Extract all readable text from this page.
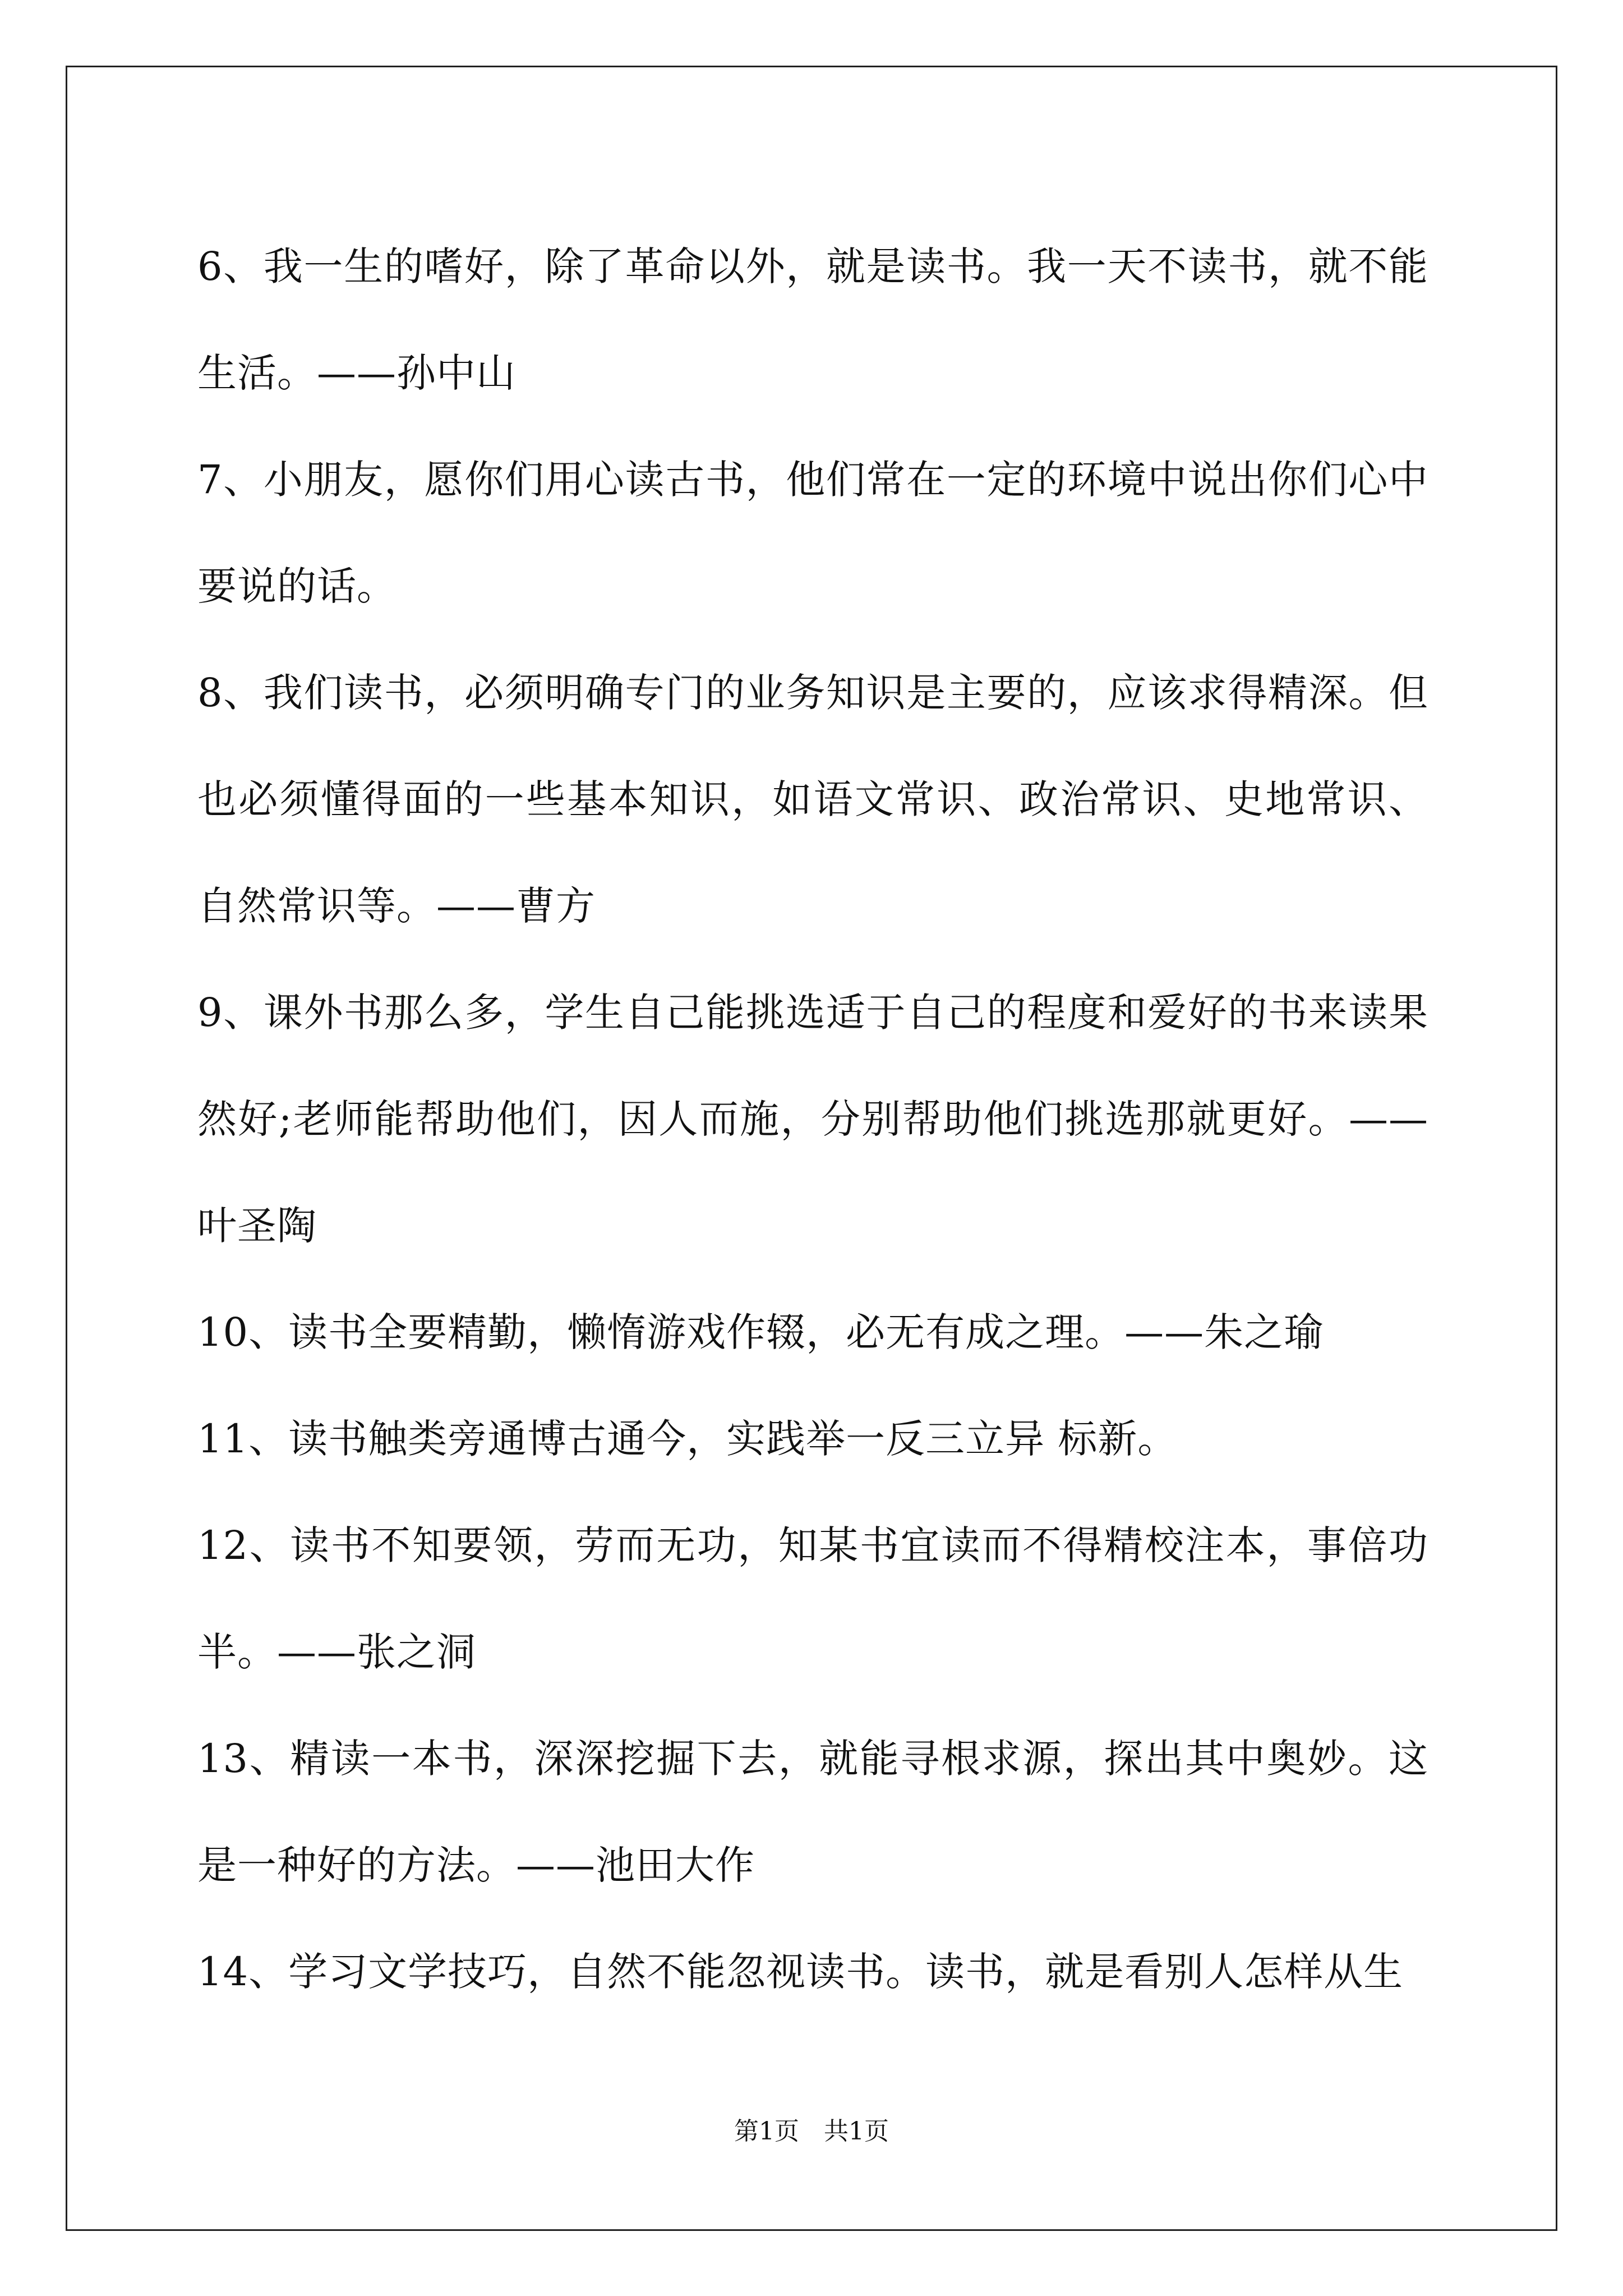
6、我一生的嗜好，除了革命以外，就是读书。我一天不读书，就不能生活。——孙中山

7、小朋友，愿你们用心读古书，他们常在一定的环境中说出你们心中要说的话。

8、我们读书，必须明确专门的业务知识是主要的，应该求得精深。但也必须懂得面的一些基本知识，如语文常识、政治常识、史地常识、自然常识等。——曹方

9、课外书那么多，学生自己能挑选适于自己的程度和爱好的书来读果然好;老师能帮助他们，因人而施，分别帮助他们挑选那就更好。——叶圣陶

10、读书全要精勤，懒惰游戏作辍，必无有成之理。——朱之瑜

11、读书触类旁通博古通今，实践举一反三立异 标新。

12、读书不知要领，劳而无功，知某书宜读而不得精校注本，事倍功半。——张之洞

13、精读一本书，深深挖掘下去，就能寻根求源，探出其中奥妙。这是一种好的方法。——池田大作

14、学习文学技巧，自然不能忽视读书。读书，就是看别人怎样从生

第1页 共1页
